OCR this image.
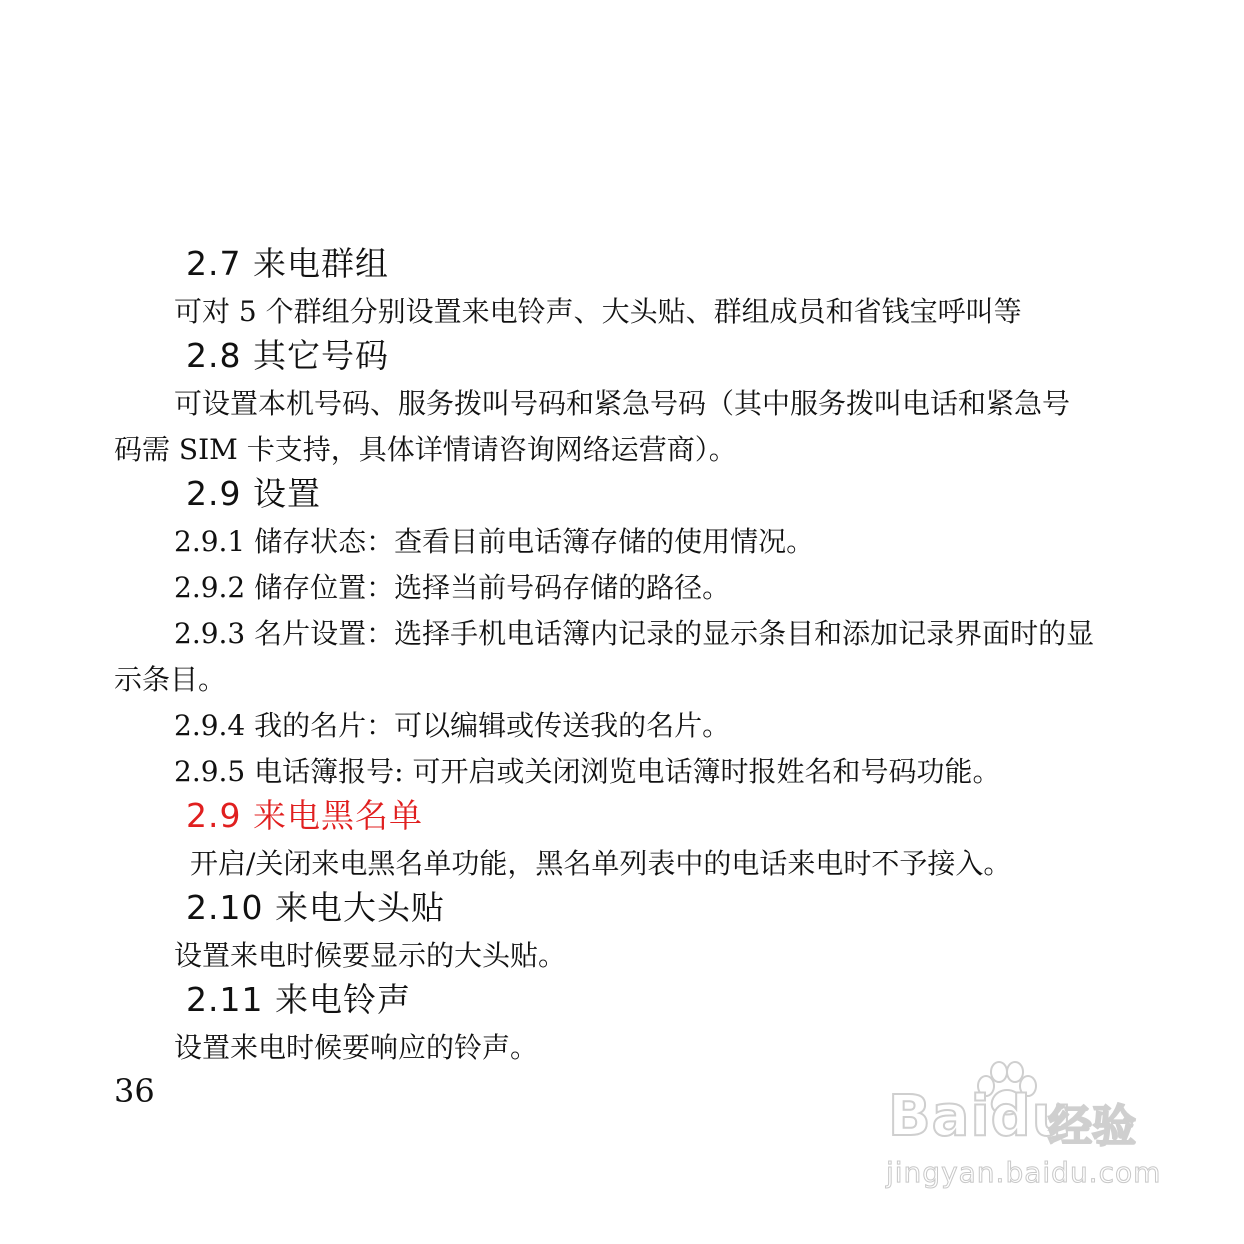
2.7 来电群组
可对 5 个群组分别设置来电铃声、大头贴、群组成员和省钱宝呼叫等
2.8 其它号码
可设置本机号码、服务拨叫号码和紧急号码（其中服务拨叫电话和紧急号
码需 SIM 卡支持，具体详情请咨询网络运营商）。
2.9 设置
2.9.1 储存状态：查看目前电话簿存储的使用情况。
2.9.2 储存位置：选择当前号码存储的路径。
2.9.3 名片设置：选择手机电话簿内记录的显示条目和添加记录界面时的显
示条目。
2.9.4 我的名片：可以编辑或传送我的名片。
2.9.5 电话簿报号: 可开启或关闭浏览电话簿时报姓名和号码功能。
2.9 来电黑名单
开启/关闭来电黑名单功能，黑名单列表中的电话来电时不予接入。
2.10 来电大头贴
设置来电时候要显示的大头贴。
2.11 来电铃声
设置来电时候要响应的铃声。
36	Baidu
经验
jingyan.baidu.com
